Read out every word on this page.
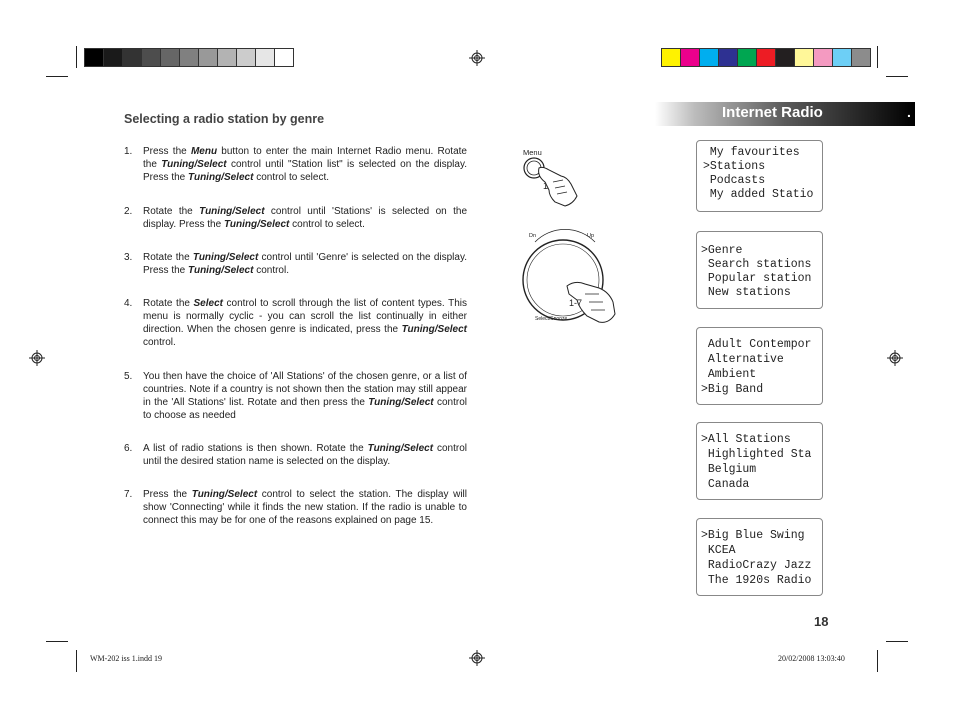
Internet Radio	.
Selecting a radio station by genre
1.	Press the Menu button to enter the main Internet Radio menu. Rotate the Tuning/Select control until "Station list" is selected on the display. Press the Tuning/Select control to select.
2.	Rotate the Tuning/Select control until 'Stations' is selected on the display. Press the Tuning/Select control to select.
3.	Rotate the Tuning/Select control until 'Genre' is selected on the display. Press the Tuning/Select control.
4.	Rotate the Select control to scroll through the list of content types. This menu is normally cyclic - you can scroll the list continually in either direction. When the chosen genre is indicated, press the Tuning/Select control.
5.	You then have the choice of 'All Stations' of the chosen genre, or a list of countries. Note if a country is not shown then the station may still appear in the 'All Stations' list. Rotate and then press the Tuning/Select control to choose as needed
6.	A list of radio stations is then shown. Rotate the Tuning/Select control until the desired station name is selected on the display.
7.	Press the Tuning/Select control to select the station. The display will show 'Connecting' while it finds the new station. If the radio is unable to connect this may be for one of the reasons explained on page 15.
Menu
1
Dn	Up
1-7
Select/Snooze
My favourites
>Stations
Podcasts
My added Statio
>Genre
Search stations
Popular station
New stations
Adult Contempor
Alternative
Ambient
>Big Band
>All Stations
Highlighted Sta
Belgium
Canada
>Big Blue Swing
KCEA
RadioCrazy Jazz
The 1920s Radio
18
WM-202 iss 1.indd 19	20/02/2008 13:03:40
